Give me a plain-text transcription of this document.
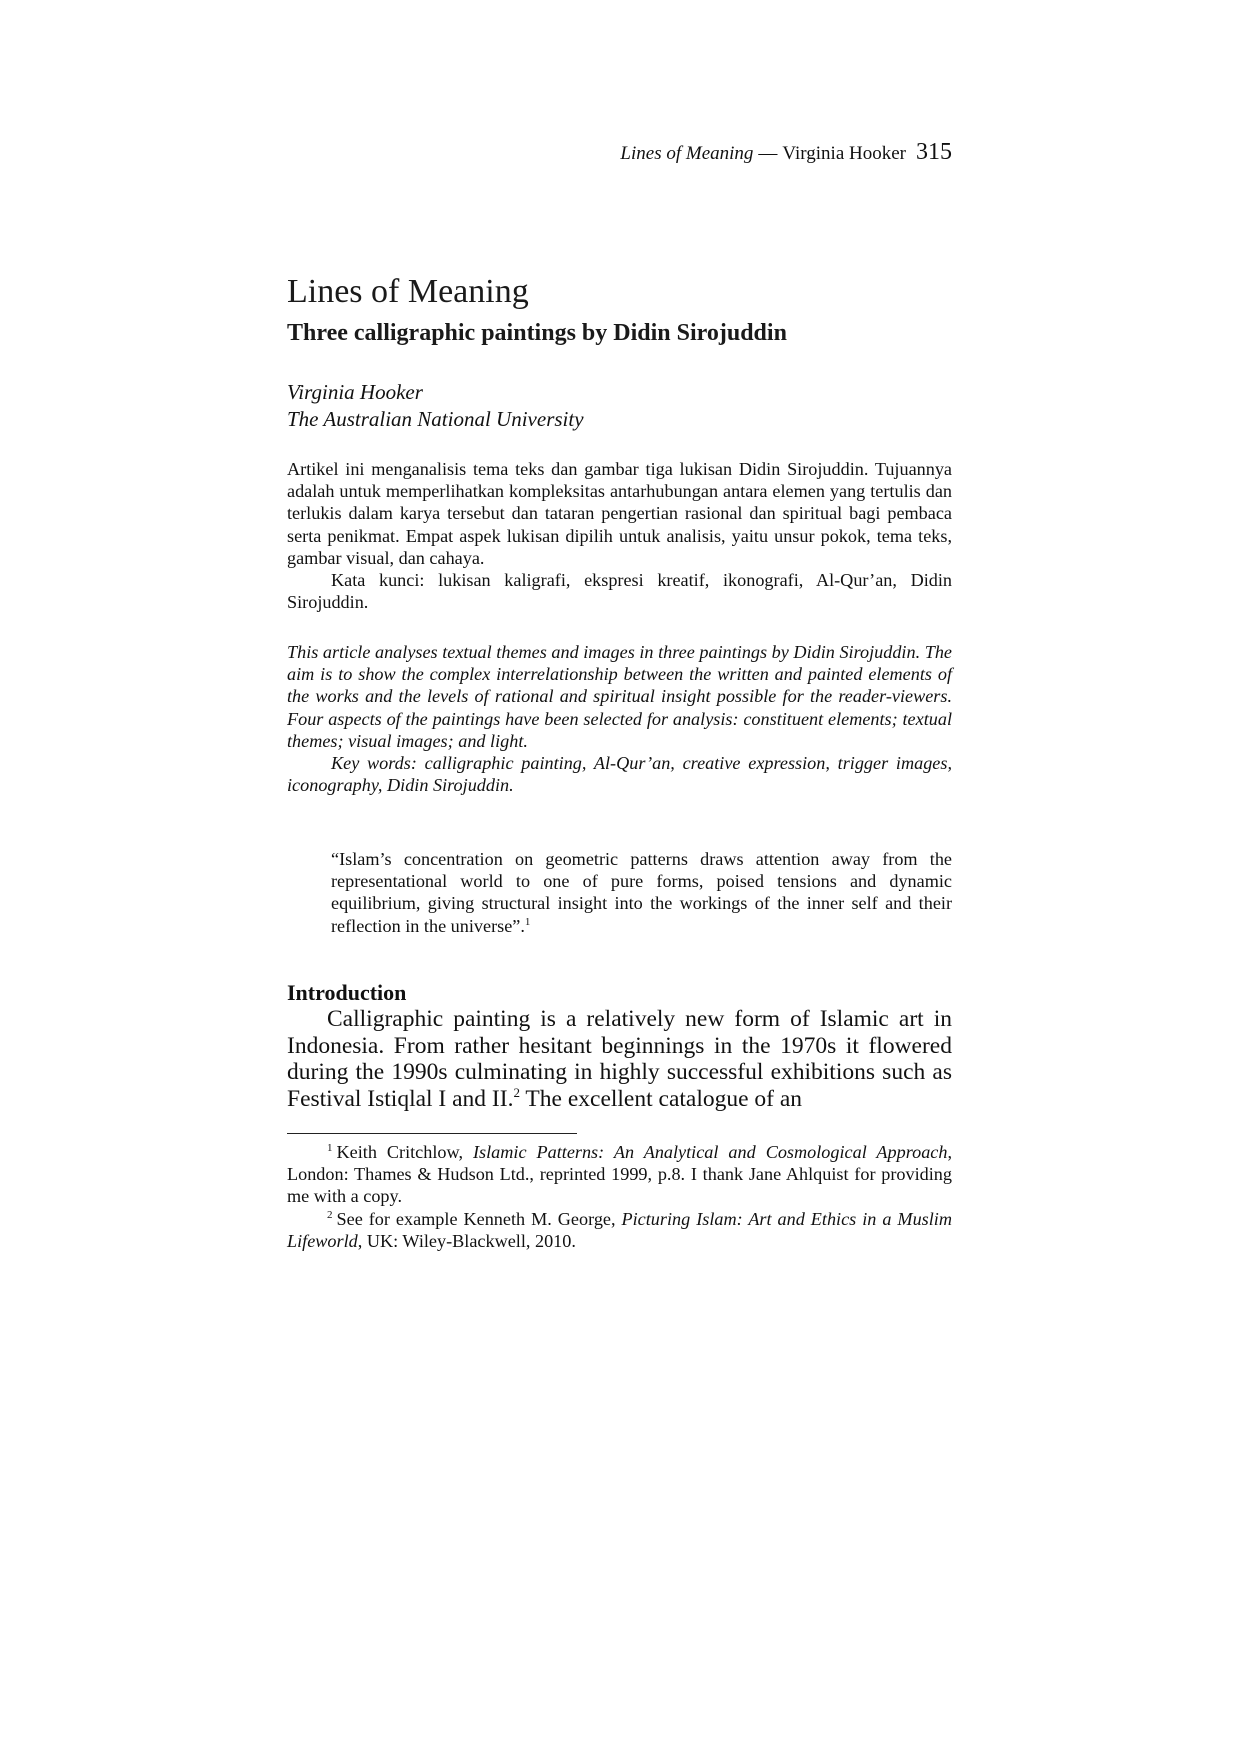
Lines of Meaning — Virginia Hooker 315
Lines of Meaning
Three calligraphic paintings by Didin Sirojuddin
Virginia Hooker
The Australian National University

Artikel ini menganalisis tema teks dan gambar tiga lukisan Didin Sirojuddin. Tujuannya adalah untuk memperlihatkan kompleksitas antarhubungan antara elemen yang tertulis dan terlukis dalam karya tersebut dan tataran pengertian rasional dan spiritual bagi pembaca serta penikmat. Empat aspek lukisan dipilih untuk analisis, yaitu unsur pokok, tema teks, gambar visual, dan cahaya.

Kata kunci: lukisan kaligrafi, ekspresi kreatif, ikonografi, Al-Qur’an, Didin Sirojuddin.

This article analyses textual themes and images in three paintings by Didin Sirojuddin. The aim is to show the complex interrelationship between the written and painted elements of the works and the levels of rational and spiritual insight possible for the reader-viewers. Four aspects of the paintings have been selected for analysis: constituent elements; textual themes; visual images; and light.

Key words: calligraphic painting, Al-Qur’an, creative expression, trigger images, iconography, Didin Sirojuddin.

“Islam’s concentration on geometric patterns draws attention away from the representational world to one of pure forms, poised tensions and dynamic equilibrium, giving structural insight into the workings of the inner self and their reflection in the universe”.$^1$
Introduction

Calligraphic painting is a relatively new form of Islamic art in Indonesia. From rather hesitant beginnings in the 1970s it flowered during the 1990s culminating in highly successful exhibitions such as Festival Istiqlal I and II.$^2$ The excellent catalogue of an

$^1$ Keith Critchlow, Islamic Patterns: An Analytical and Cosmological Approach, London: Thames & Hudson Ltd., reprinted 1999, p.8. I thank Jane Ahlquist for providing me with a copy.

$^2$ See for example Kenneth M. George, Picturing Islam: Art and Ethics in a Muslim Lifeworld, UK: Wiley-Blackwell, 2010.
